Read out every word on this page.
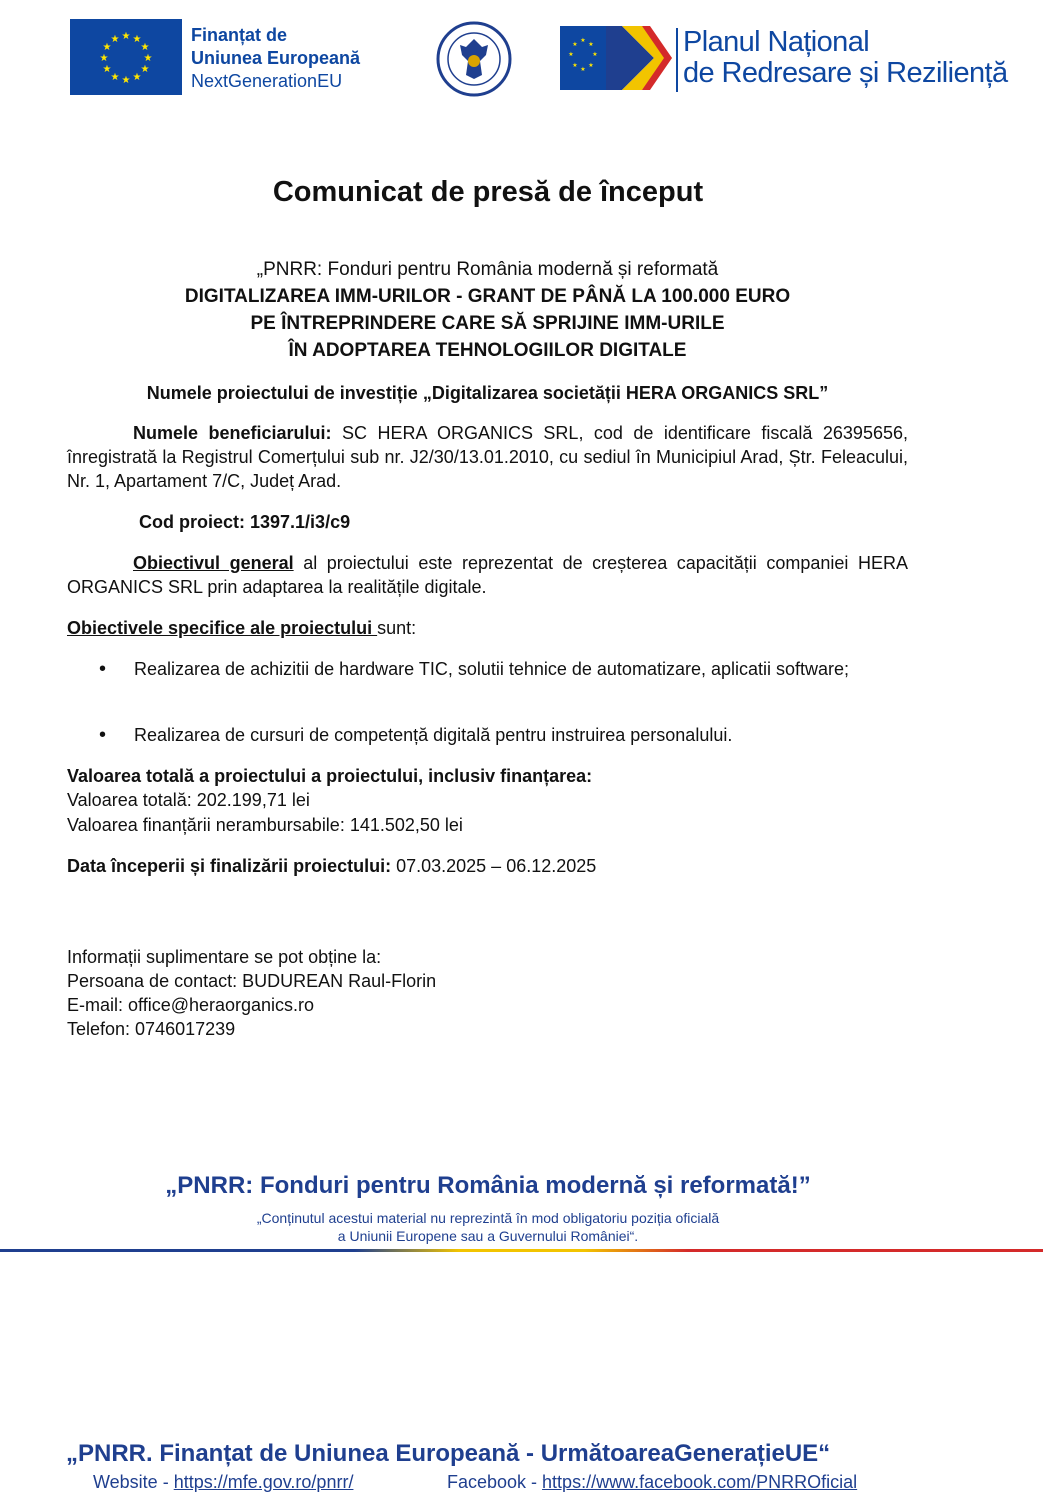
★ ★
★
★
★
★
★
★
★
★
★
★	Finanțat de
Uniunea Europeană
NextGenerationEU
★
★
★
★
★
★
★
★	Planul Național
de Redresare și Reziliență
Comunicat de presă de început
„PNRR: Fonduri pentru România modernă și reformată
DIGITALIZAREA IMM-URILOR - GRANT DE PÂNĂ LA 100.000 EURO
PE ÎNTREPRINDERE CARE SĂ SPRIJINE IMM-URILE
ÎN ADOPTAREA TEHNOLOGIILOR DIGITALE
Numele proiectului de investiție „Digitalizarea societății HERA ORGANICS SRL”
Numele beneficiarului: SC HERA ORGANICS SRL, cod de identificare fiscală 26395656, înregistrată la Registrul Comerțului sub nr. J2/30/13.01.2010, cu sediul în Municipiul Arad, Ștr. Feleacului, Nr. 1, Apartament 7/C, Județ Arad.
Cod proiect: 1397.1/i3/c9
Obiectivul general al proiectului este reprezentat de creșterea capacității companiei HERA ORGANICS SRL prin adaptarea la realitățile digitale.
Obiectivele specifice ale proiectului sunt:
• Realizarea de achizitii de hardware TIC, solutii tehnice de automatizare, aplicatii software;
• Realizarea de cursuri de competență digitală pentru instruirea personalului.
Valoarea totală a proiectului a proiectului, inclusiv finanțarea:
Valoarea totală: 202.199,71 lei
Valoarea finanțării nerambursabile: 141.502,50 lei
Data începerii și finalizării proiectului: 07.03.2025 – 06.12.2025
Informații suplimentare se pot obține la:
Persoana de contact: BUDUREAN Raul-Florin
E-mail: office@heraorganics.ro
Telefon: 0746017239
„PNRR: Fonduri pentru România modernă și reformată!”
„Conținutul acestui material nu reprezintă în mod obligatoriu poziția oficială
a Uniunii Europene sau a Guvernului României“.
„PNRR. Finanțat de Uniunea Europeană - UrmătoareaGenerațieUE“
Website - https://mfe.gov.ro/pnrr/	Facebook - https://www.facebook.com/PNRROficial
